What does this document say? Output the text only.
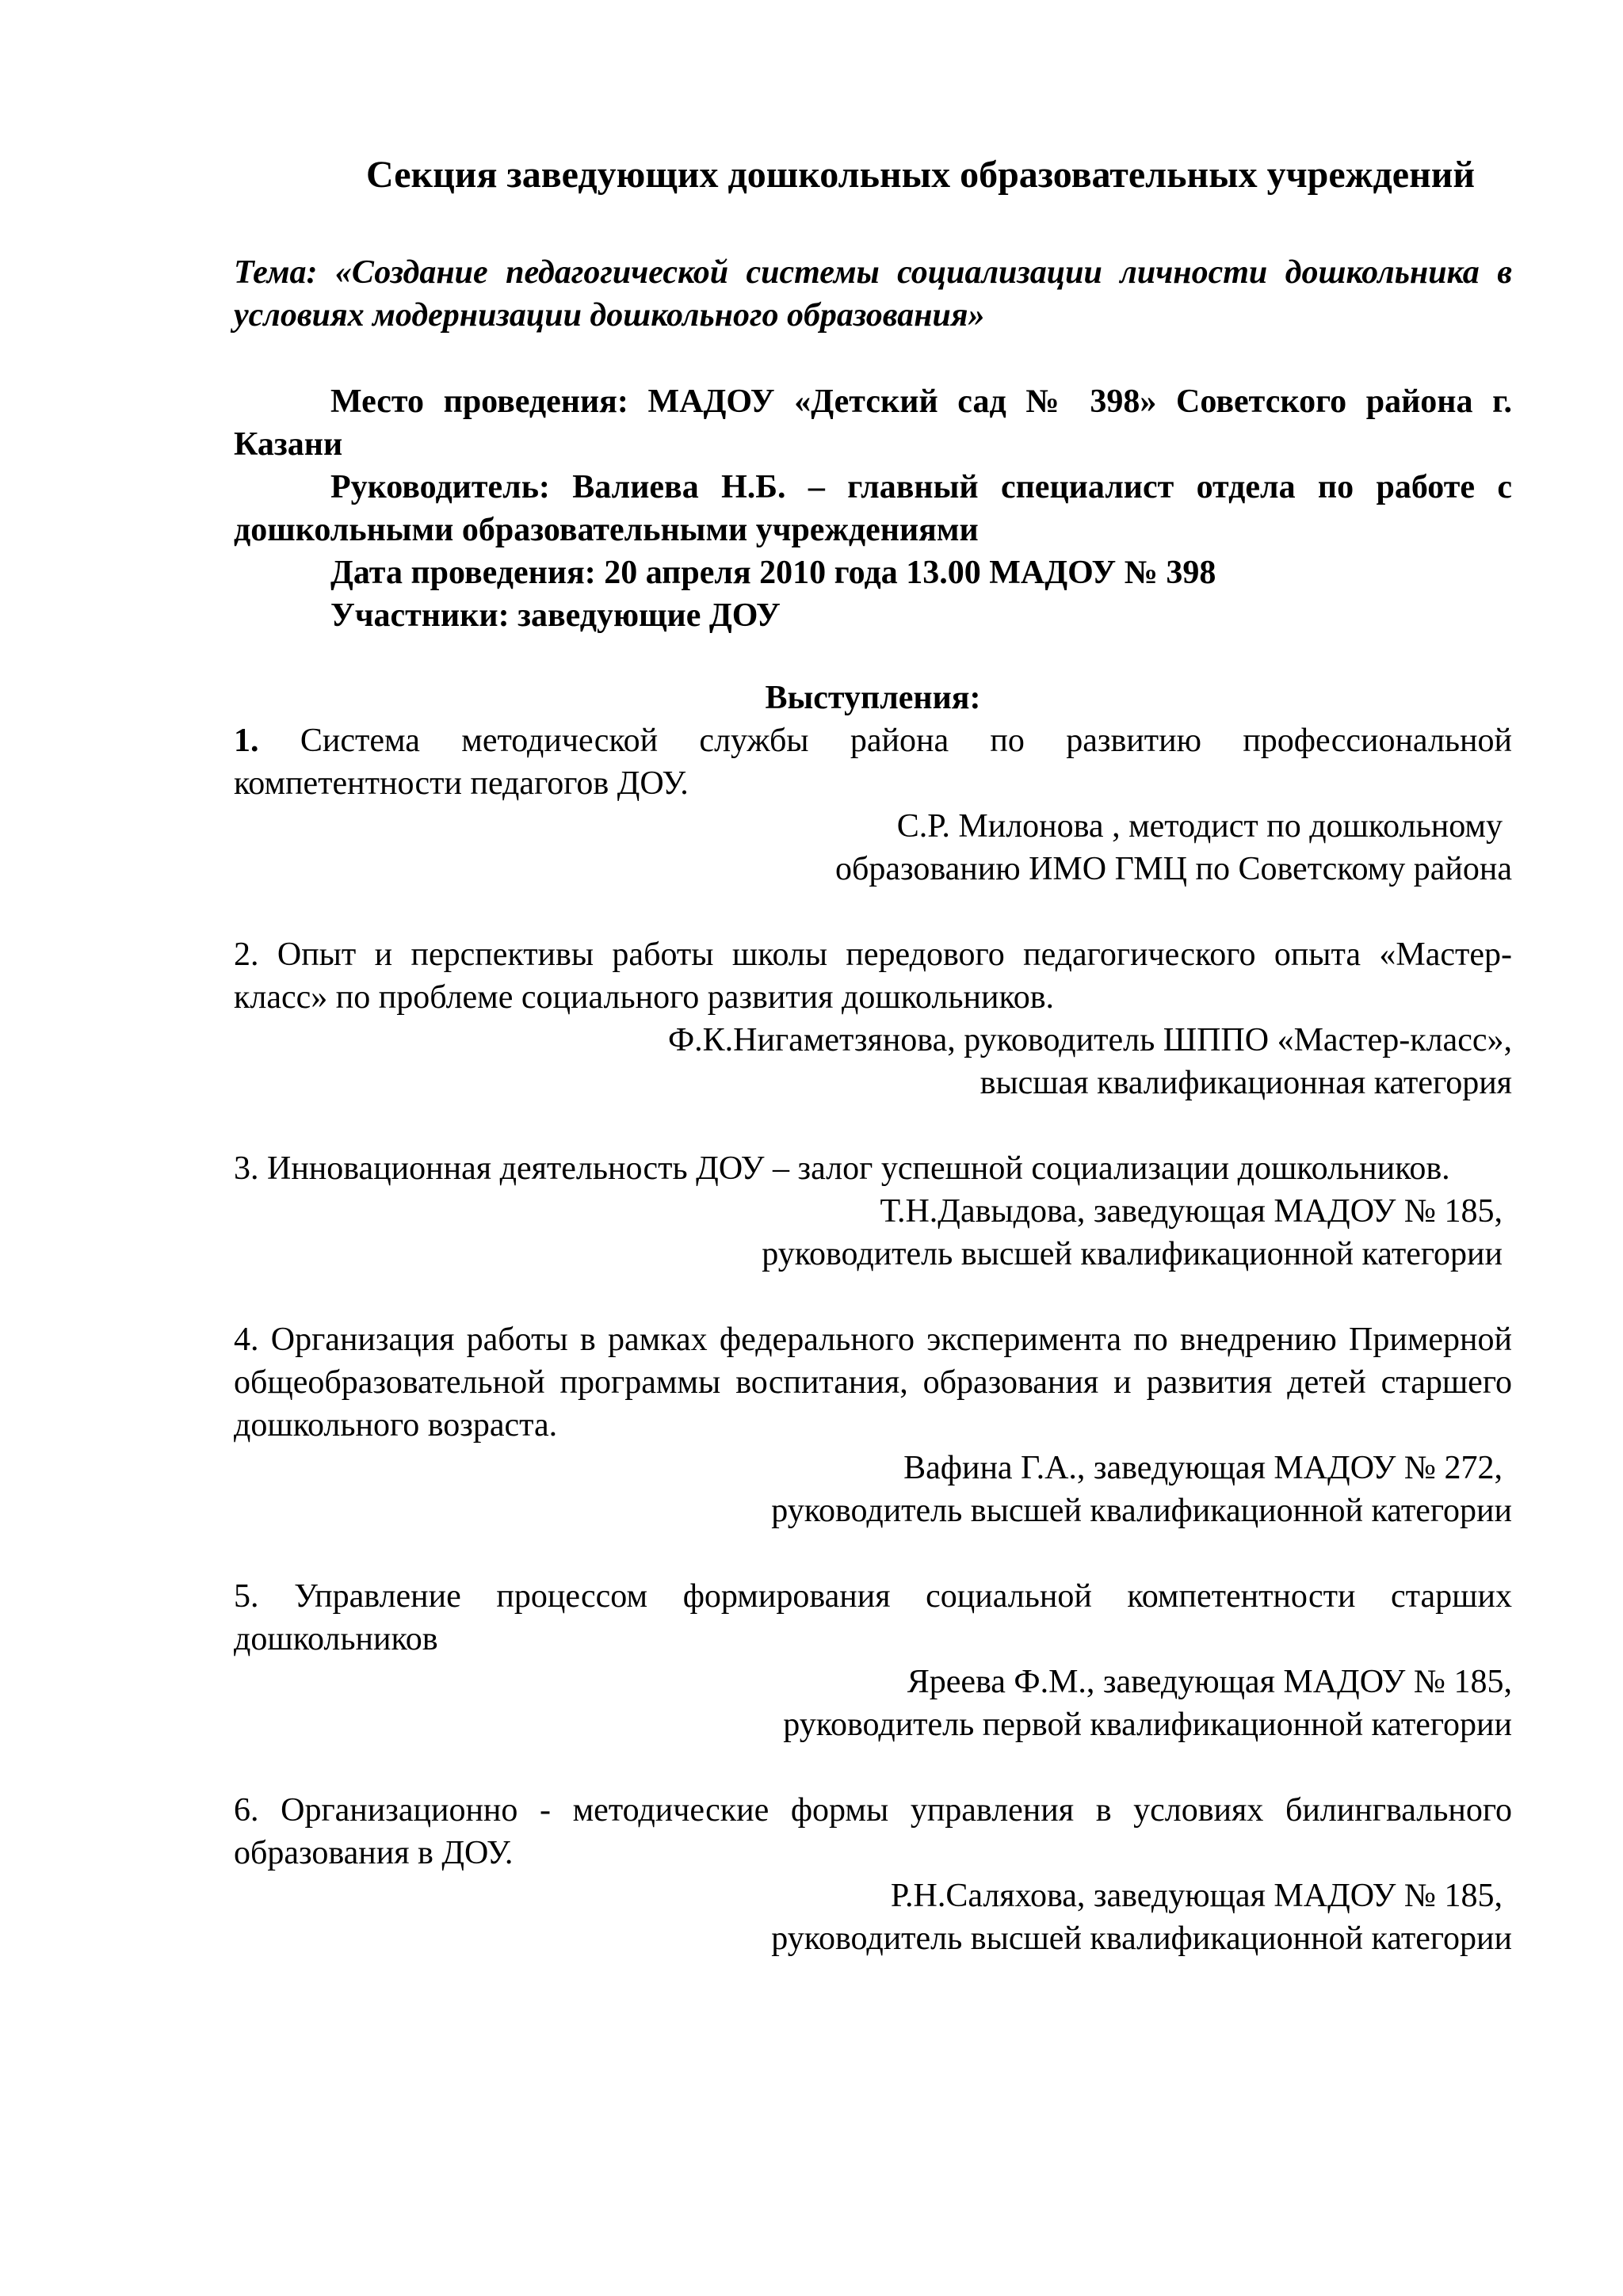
Секция заведующих дошкольных образовательных учреждений
Тема: «Создание педагогической системы социализации личности дошкольника в условиях модернизации дошкольного образования»

Место проведения: МАДОУ «Детский сад № 398» Советского района г. Казани

Руководитель: Валиева Н.Б. – главный специалист отдела по работе с дошкольными образовательными учреждениями

Дата проведения: 20 апреля 2010 года 13.00 МАДОУ № 398

Участники: заведующие ДОУ

Выступления:
1. Система методической службы района по развитию профессиональной компетентности педагогов ДОУ.
С.Р. Милонова , методист по дошкольному
образованию ИМО ГМЦ по Советскому района
2. Опыт и перспективы работы школы передового педагогического опыта «Мастер-класс» по проблеме социального развития дошкольников.
Ф.К.Нигаметзянова, руководитель ШППО «Мастер-класс»,
высшая квалификационная категория
3. Инновационная деятельность ДОУ – залог успешной социализации дошкольников.
Т.Н.Давыдова, заведующая МАДОУ № 185,
руководитель высшей квалификационной категории
4. Организация работы в рамках федерального эксперимента по внедрению Примерной общеобразовательной программы воспитания, образования и развития детей старшего дошкольного возраста.
Вафина Г.А., заведующая МАДОУ № 272,
руководитель высшей квалификационной категории
5. Управление процессом формирования социальной компетентности старших дошкольников
Яреева Ф.М., заведующая МАДОУ № 185,
руководитель первой квалификационной категории
6. Организационно - методические формы управления в условиях билингвального образования в ДОУ.
Р.Н.Саляхова, заведующая МАДОУ № 185,
руководитель высшей квалификационной категории
